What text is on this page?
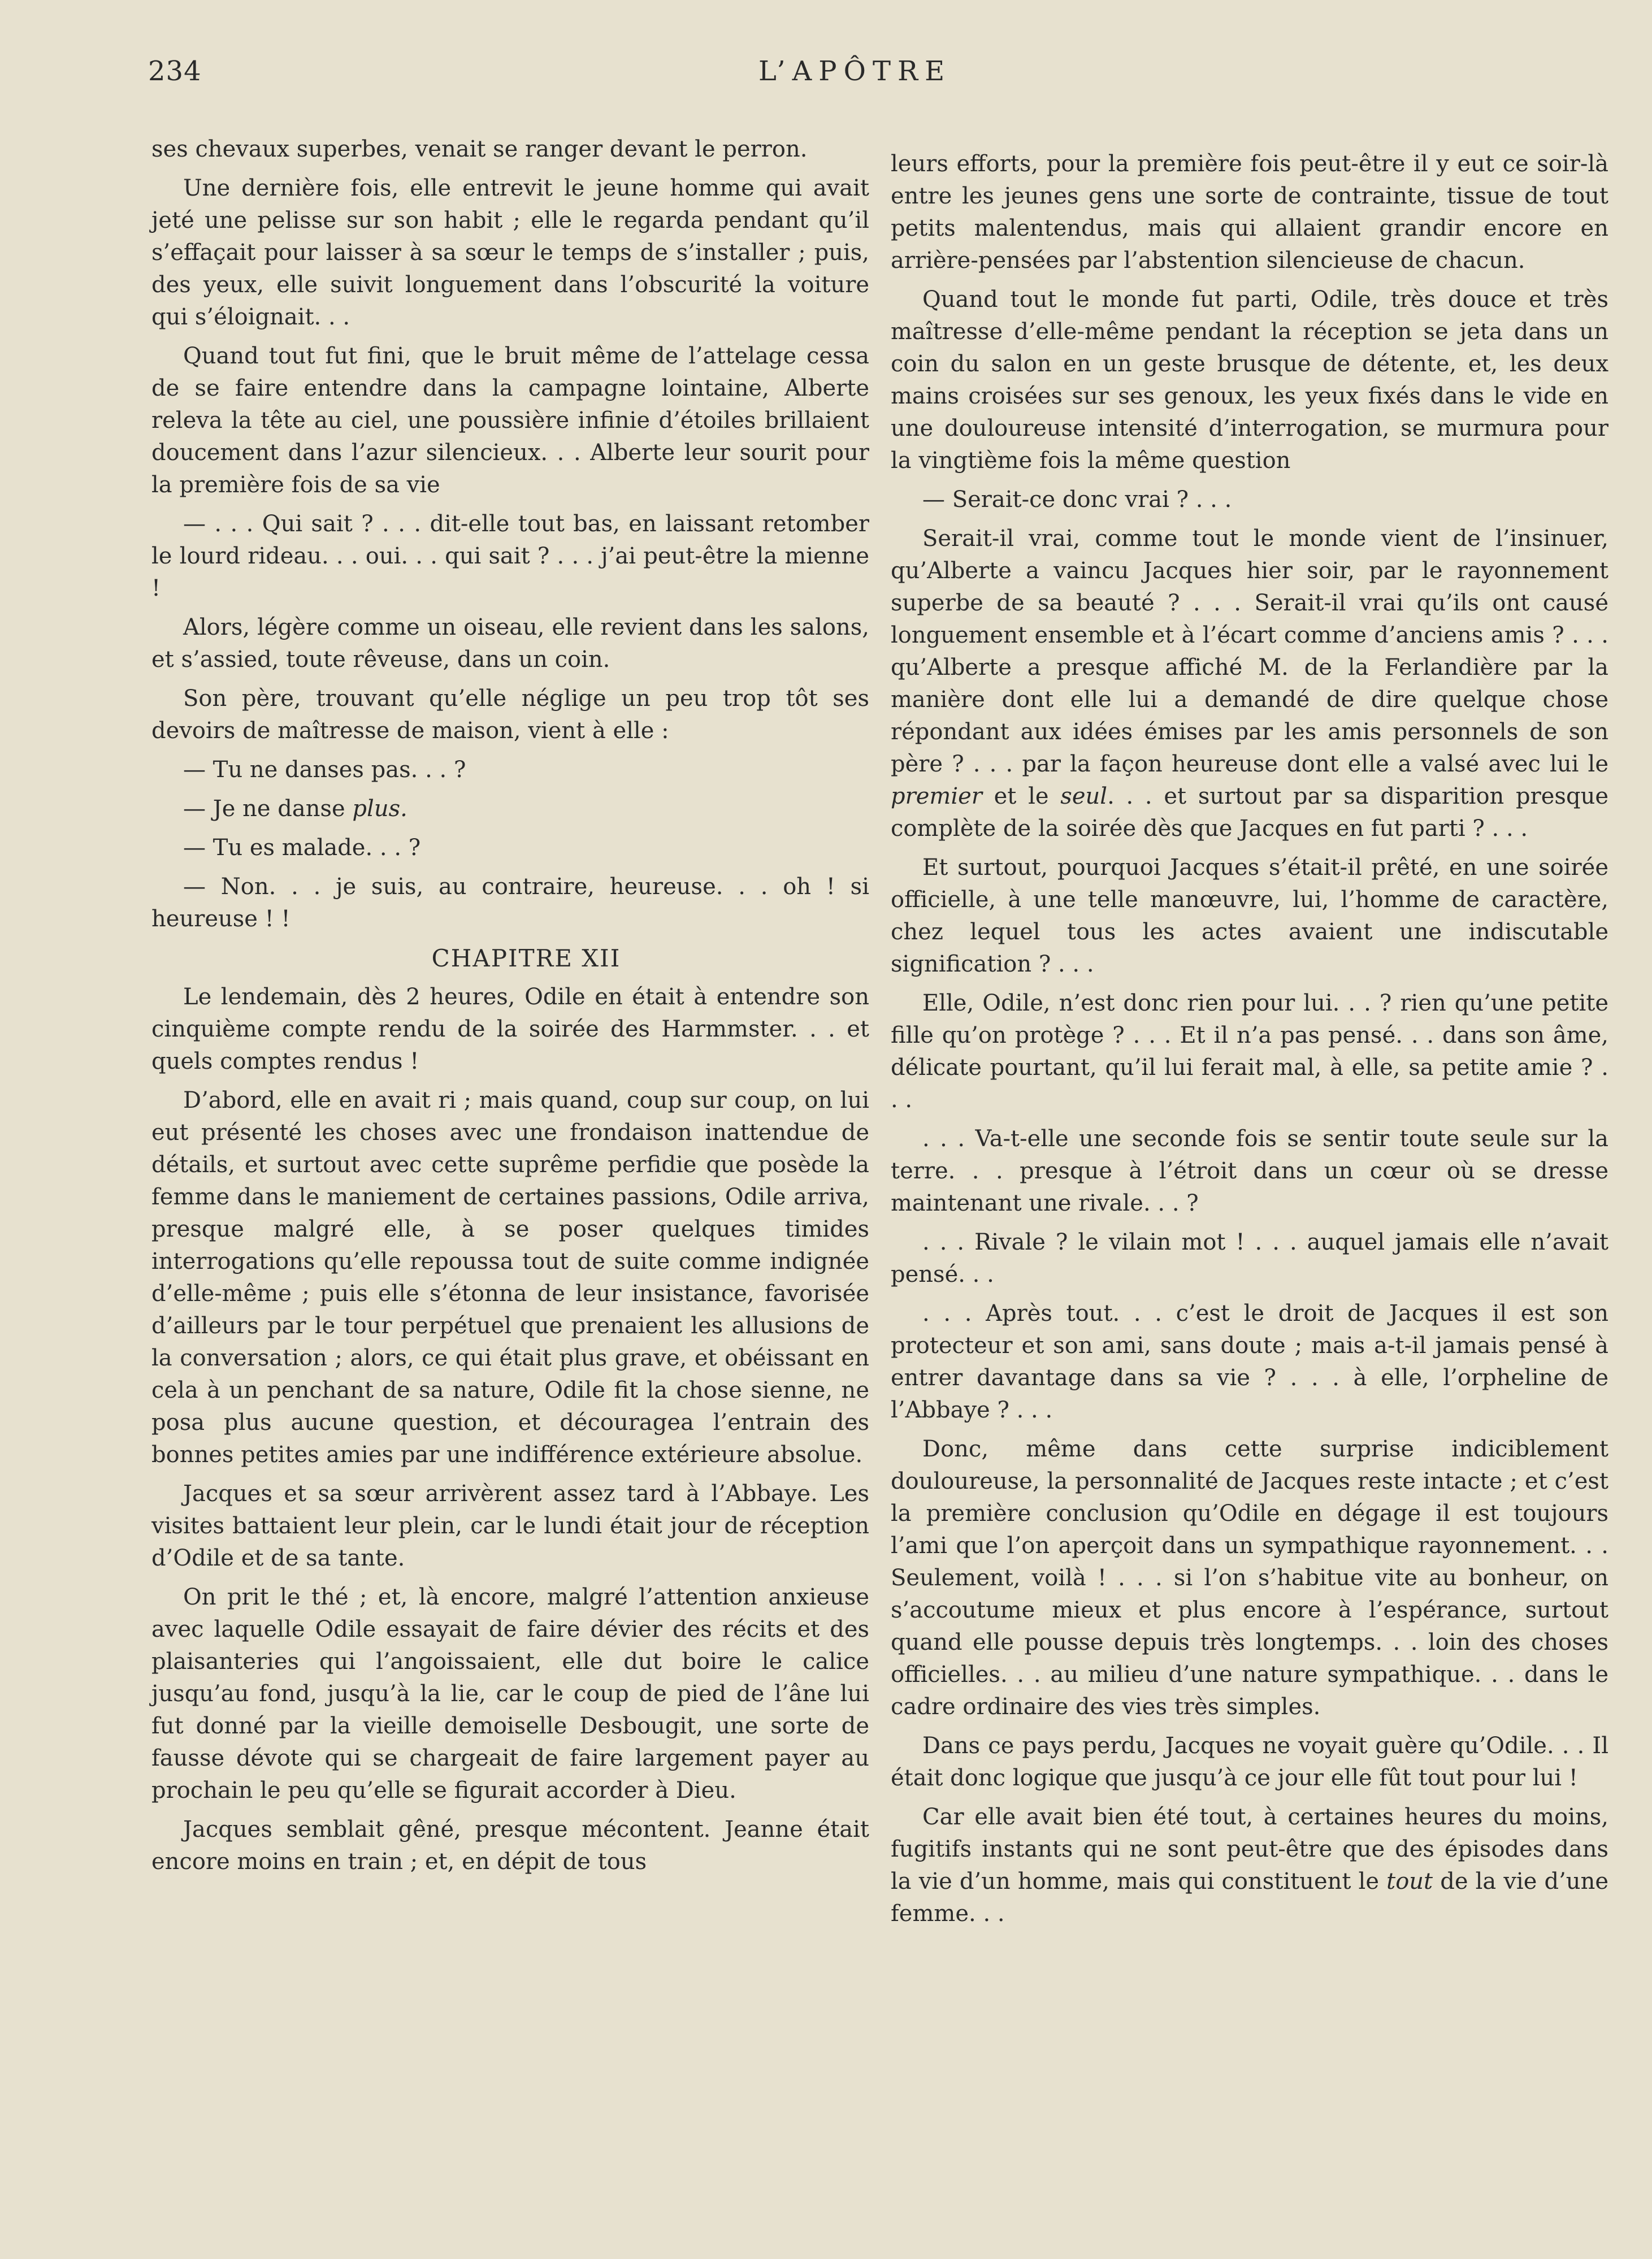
234	L’APÔTRE

ses chevaux superbes, venait se ranger devant le perron.

Une dernière fois, elle entrevit le jeune homme qui avait jeté une pelisse sur son habit ; elle le regarda pendant qu’il s’effaçait pour laisser à sa sœur le temps de s’installer ; puis, des yeux, elle suivit longuement dans l’obscurité la voiture qui s’éloignait. . .

Quand tout fut fini, que le bruit même de l’attelage cessa de se faire entendre dans la campagne lointaine, Alberte releva la tête au ciel, une poussière infinie d’étoiles brillaient doucement dans l’azur silencieux. . . Alberte leur sourit pour la première fois de sa vie

— . . . Qui sait ? . . . dit-elle tout bas, en laissant retomber le lourd rideau. . . oui. . . qui sait ? . . . j’ai peut-être la mienne !

Alors, légère comme un oiseau, elle revient dans les salons, et s’assied, toute rêveuse, dans un coin.

Son père, trouvant qu’elle néglige un peu trop tôt ses devoirs de maîtresse de maison, vient à elle :

— Tu ne danses pas. . . ?

— Je ne danse plus.

— Tu es malade. . . ?

— Non. . . je suis, au contraire, heureuse. . . oh ! si heureuse ! !

CHAPITRE XII

Le lendemain, dès 2 heures, Odile en était à entendre son cinquième compte rendu de la soirée des Harmmster. . . et quels comptes rendus !

D’abord, elle en avait ri ; mais quand, coup sur coup, on lui eut présenté les choses avec une frondaison inattendue de détails, et surtout avec cette suprême perfidie que posède la femme dans le maniement de certaines passions, Odile arriva, presque malgré elle, à se poser quelques timides interrogations qu’elle repoussa tout de suite comme indignée d’elle-même ; puis elle s’étonna de leur insistance, favorisée d’ailleurs par le tour perpétuel que prenaient les allusions de la conversation ; alors, ce qui était plus grave, et obéissant en cela à un penchant de sa nature, Odile fit la chose sienne, ne posa plus aucune question, et découragea l’entrain des bonnes petites amies par une indifférence extérieure absolue.

Jacques et sa sœur arrivèrent assez tard à l’Abbaye. Les visites battaient leur plein, car le lundi était jour de réception d’Odile et de sa tante.

On prit le thé ; et, là encore, malgré l’attention anxieuse avec laquelle Odile essayait de faire dévier des récits et des plaisanteries qui l’angoissaient, elle dut boire le calice jusqu’au fond, jusqu’à la lie, car le coup de pied de l’âne lui fut donné par la vieille demoiselle Desbougit, une sorte de fausse dévote qui se chargeait de faire largement payer au prochain le peu qu’elle se figurait accorder à Dieu.

Jacques semblait gêné, presque mécontent. Jeanne était encore moins en train ; et, en dépit de tous

leurs efforts, pour la première fois peut-être il y eut ce soir-là entre les jeunes gens une sorte de contrainte, tissue de tout petits malentendus, mais qui allaient grandir encore en arrière-pensées par l’abstention silencieuse de chacun.

Quand tout le monde fut parti, Odile, très douce et très maîtresse d’elle-même pendant la réception se jeta dans un coin du salon en un geste brusque de détente, et, les deux mains croisées sur ses genoux, les yeux fixés dans le vide en une douloureuse intensité d’interrogation, se murmura pour la vingtième fois la même question

— Serait-ce donc vrai ? . . .

Serait-il vrai, comme tout le monde vient de l’insinuer, qu’Alberte a vaincu Jacques hier soir, par le rayonnement superbe de sa beauté ? . . . Serait-il vrai qu’ils ont causé longuement ensemble et à l’écart comme d’anciens amis ? . . . qu’Alberte a presque affiché M. de la Ferlandière par la manière dont elle lui a demandé de dire quelque chose répondant aux idées émises par les amis personnels de son père ? . . . par la façon heureuse dont elle a valsé avec lui le premier et le seul. . . et surtout par sa disparition presque complète de la soirée dès que Jacques en fut parti ? . . .

Et surtout, pourquoi Jacques s’était-il prêté, en une soirée officielle, à une telle manœuvre, lui, l’homme de caractère, chez lequel tous les actes avaient une indiscutable signification ? . . .

Elle, Odile, n’est donc rien pour lui. . . ? rien qu’une petite fille qu’on protège ? . . . Et il n’a pas pensé. . . dans son âme, délicate pourtant, qu’il lui ferait mal, à elle, sa petite amie ? . . .

. . . Va-t-elle une seconde fois se sentir toute seule sur la terre. . . presque à l’étroit dans un cœur où se dresse maintenant une rivale. . . ?

. . . Rivale ? le vilain mot ! . . . auquel jamais elle n’avait pensé. . .

. . . Après tout. . . c’est le droit de Jacques il est son protecteur et son ami, sans doute ; mais a-t-il jamais pensé à entrer davantage dans sa vie ? . . . à elle, l’orpheline de l’Abbaye ? . . .

Donc, même dans cette surprise indiciblement douloureuse, la personnalité de Jacques reste intacte ; et c’est la première conclusion qu’Odile en dégage il est toujours l’ami que l’on aperçoit dans un sympathique rayonnement. . . Seulement, voilà ! . . . si l’on s’habitue vite au bonheur, on s’accoutume mieux et plus encore à l’espérance, surtout quand elle pousse depuis très longtemps. . . loin des choses officielles. . . au milieu d’une nature sympathique. . . dans le cadre ordinaire des vies très simples.

Dans ce pays perdu, Jacques ne voyait guère qu’Odile. . . Il était donc logique que jusqu’à ce jour elle fût tout pour lui !

Car elle avait bien été tout, à certaines heures du moins, fugitifs instants qui ne sont peut-être que des épisodes dans la vie d’un homme, mais qui constituent le tout de la vie d’une femme. . .
